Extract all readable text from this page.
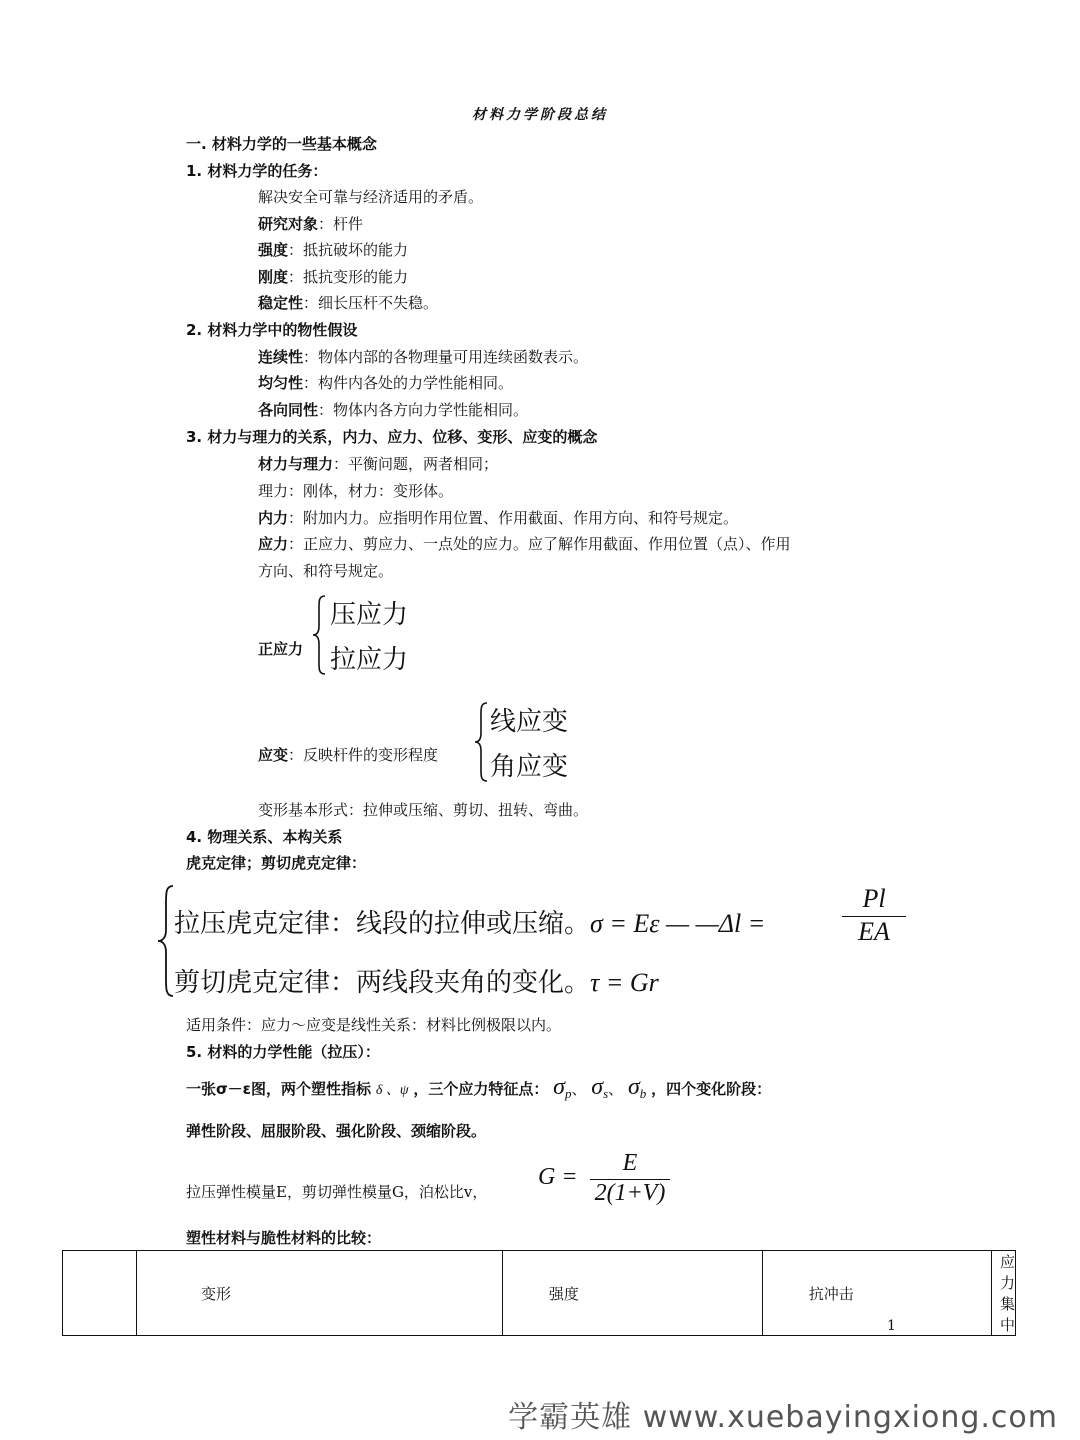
材料力学阶段总结
一. 材料力学的一些基本概念
1. 材料力学的任务：
解决安全可靠与经济适用的矛盾。
研究对象：杆件
强度：抵抗破坏的能力
刚度：抵抗变形的能力
稳定性：细长压杆不失稳。
2. 材料力学中的物性假设
连续性：物体内部的各物理量可用连续函数表示。
均匀性：构件内各处的力学性能相同。
各向同性：物体内各方向力学性能相同。
3. 材力与理力的关系，内力、应力、位移、变形、应变的概念
材力与理力：平衡问题，两者相同；
理力：刚体，材力：变形体。
内力：附加内力。应指明作用位置、作用截面、作用方向、和符号规定。
应力：正应力、剪应力、一点处的应力。应了解作用截面、作用位置（点）、作用
方向、和符号规定。
正应力
压应力
拉应力
应变：反映杆件的变形程度
线应变
角应变
变形基本形式：拉伸或压缩、剪切、扭转、弯曲。
4. 物理关系、本构关系
虎克定律；剪切虎克定律：
拉压虎克定律：线段的拉伸或压缩。σ = Eε — —Δl =
Pl
EA
剪切虎克定律：两线段夹角的变化。τ = Gr
适用条件：应力～应变是线性关系：材料比例极限以内。
5. 材料的力学性能（拉压）：
一张σ－ε图，两个塑性指标 δ 、ψ ，三个应力特征点： $\sigma_p$、 $\sigma_s$、 $\sigma_b$ ，四个变化阶段：
弹性阶段、屈服阶段、强化阶段、颈缩阶段。
拉压弹性模量E，剪切弹性模量G，泊松比v，
G =
E
2(1+V)
塑性材料与脆性材料的比较：
	变形	强度	抗冲击	应力集中
1
学霸英雄 www.xuebayingxiong.com
